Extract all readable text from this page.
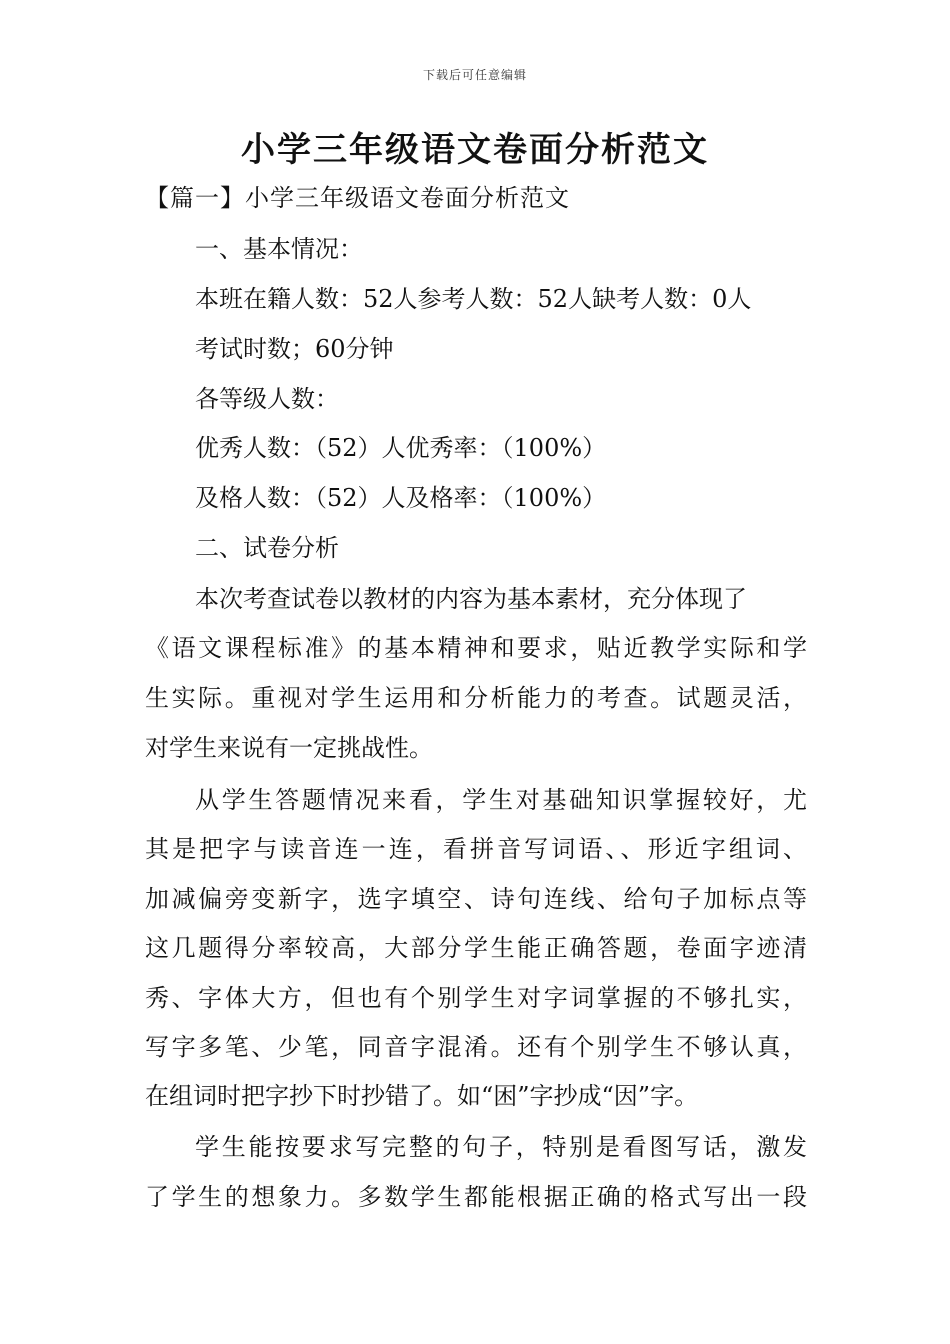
下载后可任意编辑
小学三年级语文卷面分析范文
【篇一】小学三年级语文卷面分析范文
一、基本情况：
本班在籍人数：52人参考人数：52人缺考人数：0人
考试时数；60分钟
各等级人数：
优秀人数：（52）人优秀率：（100%）
及格人数：（52）人及格率：（100%）
二、试卷分析
本次考查试卷以教材的内容为基本素材，充分体现了
《语文课程标准》的基本精神和要求，贴近教学实际和学
生实际。重视对学生运用和分析能力的考查。试题灵活，
对学生来说有一定挑战性。
从学生答题情况来看，学生对基础知识掌握较好，尤
其是把字与读音连一连，看拼音写词语、、形近字组词、
加减偏旁变新字，选字填空、诗句连线、给句子加标点等
这几题得分率较高，大部分学生能正确答题，卷面字迹清
秀、字体大方，但也有个别学生对字词掌握的不够扎实，
写字多笔、少笔，同音字混淆。还有个别学生不够认真，
在组词时把字抄下时抄错了。如“困”字抄成“因”字。
学生能按要求写完整的句子，特别是看图写话，激发
了学生的想象力。多数学生都能根据正确的格式写出一段
